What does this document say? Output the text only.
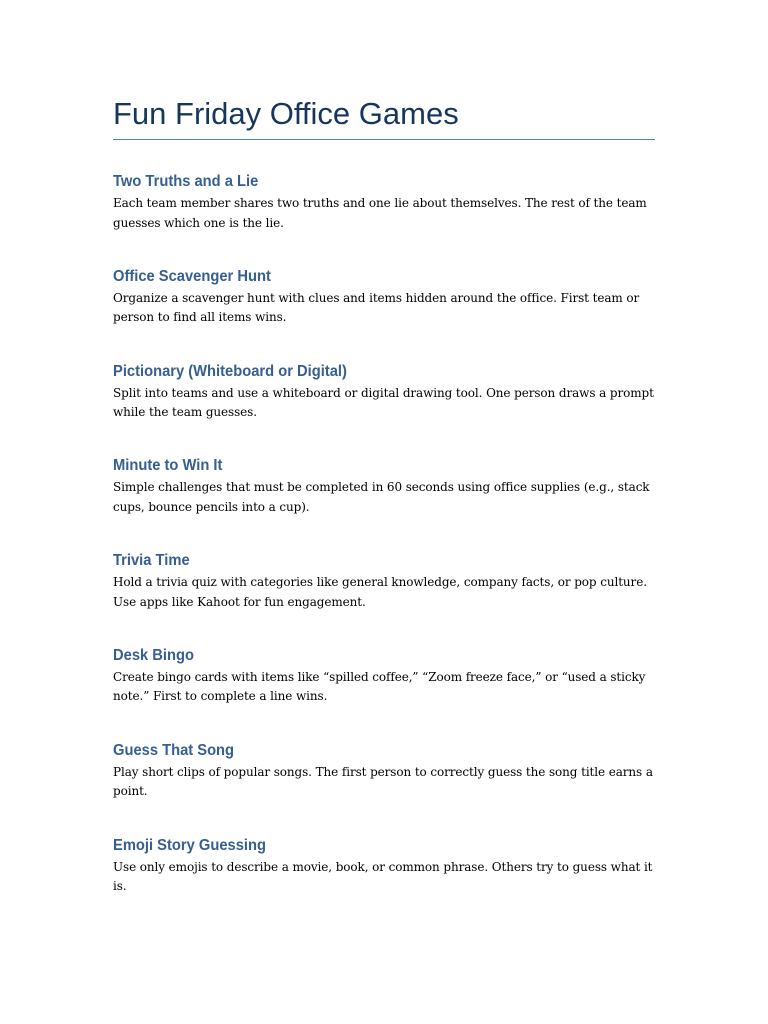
Fun Friday Office Games
Two Truths and a Lie

Each team member shares two truths and one lie about themselves. The rest of the team guesses which one is the lie.

Office Scavenger Hunt

Organize a scavenger hunt with clues and items hidden around the office. First team or person to find all items wins.

Pictionary (Whiteboard or Digital)

Split into teams and use a whiteboard or digital drawing tool. One person draws a prompt while the team guesses.

Minute to Win It

Simple challenges that must be completed in 60 seconds using office supplies (e.g., stack cups, bounce pencils into a cup).

Trivia Time

Hold a trivia quiz with categories like general knowledge, company facts, or pop culture. Use apps like Kahoot for fun engagement.

Desk Bingo

Create bingo cards with items like “spilled coffee,” “Zoom freeze face,” or “used a sticky note.” First to complete a line wins.

Guess That Song

Play short clips of popular songs. The first person to correctly guess the song title earns a point.

Emoji Story Guessing

Use only emojis to describe a movie, book, or common phrase. Others try to guess what it is.
